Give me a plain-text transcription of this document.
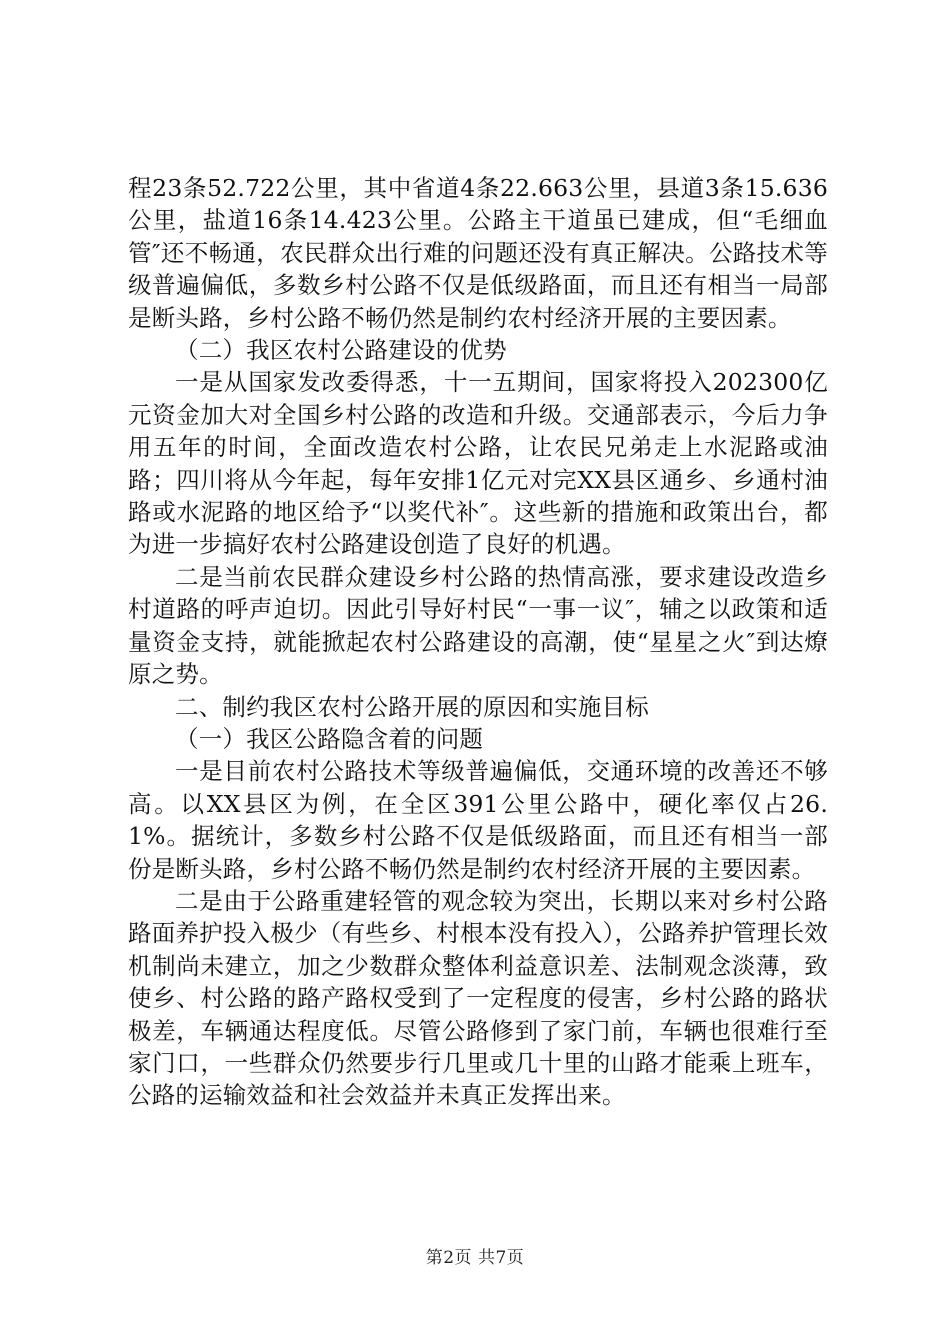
程23条52.722公里，其中省道4条22.663公里，县道3条15.636公里，盐道16条14.423公里。公路主干道虽已建成，但“毛细血管″还不畅通，农民群众出行难的问题还没有真正解决。公路技术等级普遍偏低，多数乡村公路不仅是低级路面，而且还有相当一局部是断头路，乡村公路不畅仍然是制约农村经济开展的主要因素。

（二）我区农村公路建设的优势

一是从国家发改委得悉，十一五期间，国家将投入202300亿元资金加大对全国乡村公路的改造和升级。交通部表示，今后力争用五年的时间，全面改造农村公路，让农民兄弟走上水泥路或油路；四川将从今年起，每年安排1亿元对完XX县区通乡、乡通村油路或水泥路的地区给予“以奖代补″。这些新的措施和政策出台，都为进一步搞好农村公路建设创造了良好的机遇。

二是当前农民群众建设乡村公路的热情高涨，要求建设改造乡村道路的呼声迫切。因此引导好村民“一事一议″，辅之以政策和适量资金支持，就能掀起农村公路建设的高潮，使“星星之火″到达燎原之势。

二、制约我区农村公路开展的原因和实施目标

（一）我区公路隐含着的问题

一是目前农村公路技术等级普遍偏低，交通环境的改善还不够高。以XX县区为例，在全区391公里公路中，硬化率仅占26.1%。据统计，多数乡村公路不仅是低级路面，而且还有相当一部份是断头路，乡村公路不畅仍然是制约农村经济开展的主要因素。

二是由于公路重建轻管的观念较为突出，长期以来对乡村公路路面养护投入极少（有些乡、村根本没有投入），公路养护管理长效机制尚未建立，加之少数群众整体利益意识差、法制观念淡薄，致使乡、村公路的路产路权受到了一定程度的侵害，乡村公路的路状极差，车辆通达程度低。尽管公路修到了家门前，车辆也很难行至家门口，一些群众仍然要步行几里或几十里的山路才能乘上班车，公路的运输效益和社会效益并未真正发挥出来。

第2页 共7页
